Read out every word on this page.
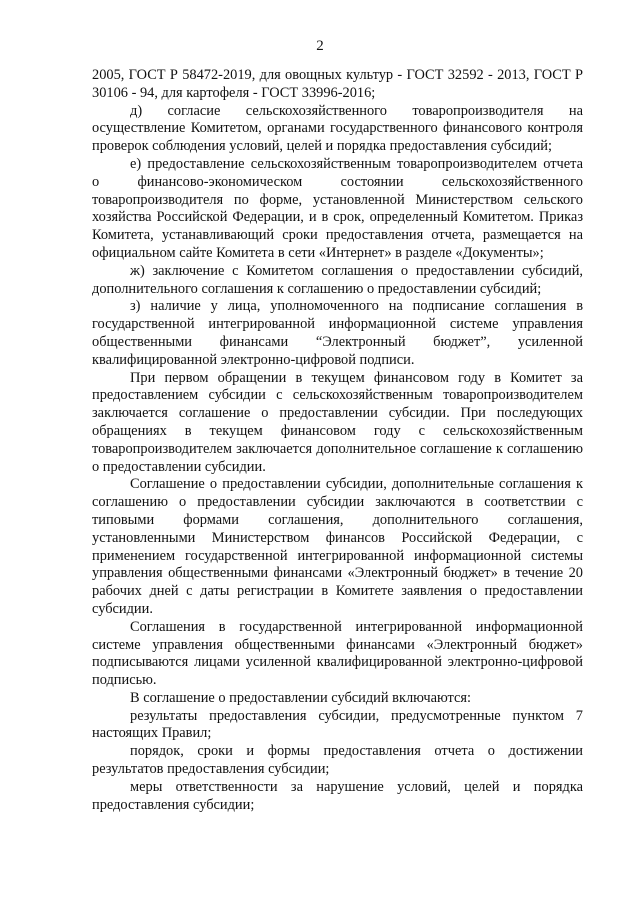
2

2005, ГОСТ Р 58472-2019, для овощных культур - ГОСТ 32592 - 2013, ГОСТ Р 30106 - 94, для картофеля - ГОСТ 33996-2016;

д) согласие сельскохозяйственного товаропроизводителя на осуществление Комитетом, органами государственного финансового контроля проверок соблюдения условий, целей и порядка предоставления субсидий;

е) предоставление сельскохозяйственным товаропроизводителем отчета о финансово-экономическом состоянии сельскохозяйственного товаропроизводителя по форме, установленной Министерством сельского хозяйства Российской Федерации, и в срок, определенный Комитетом. Приказ Комитета, устанавливающий сроки предоставления отчета, размещается на официальном сайте Комитета в сети «Интернет» в разделе «Документы»;

ж) заключение с Комитетом соглашения о предоставлении субсидий, дополнительного соглашения к соглашению о предоставлении субсидий;

з) наличие у лица, уполномоченного на подписание соглашения в государственной интегрированной информационной системе управления общественными финансами “Электронный бюджет”, усиленной квалифицированной электронно-цифровой подписи.

При первом обращении в текущем финансовом году в Комитет за предоставлением субсидии с сельскохозяйственным товаропроизводителем заключается соглашение о предоставлении субсидии. При последующих обращениях в текущем финансовом году с сельскохозяйственным товаропроизводителем заключается дополнительное соглашение к соглашению о предоставлении субсидии.

Соглашение о предоставлении субсидии, дополнительные соглашения к соглашению о предоставлении субсидии заключаются в соответствии с типовыми формами соглашения, дополнительного соглашения, установленными Министерством финансов Российской Федерации, с применением государственной интегрированной информационной системы управления общественными финансами «Электронный бюджет» в течение 20 рабочих дней с даты регистрации в Комитете заявления о предоставлении субсидии.

Соглашения в государственной интегрированной информационной системе управления общественными финансами «Электронный бюджет» подписываются лицами усиленной квалифицированной электронно-цифровой подписью.

В соглашение о предоставлении субсидий включаются:

результаты предоставления субсидии, предусмотренные пунктом 7 настоящих Правил;

порядок, сроки и формы предоставления отчета о достижении результатов предоставления субсидии;

меры ответственности за нарушение условий, целей и порядка предоставления субсидии;
